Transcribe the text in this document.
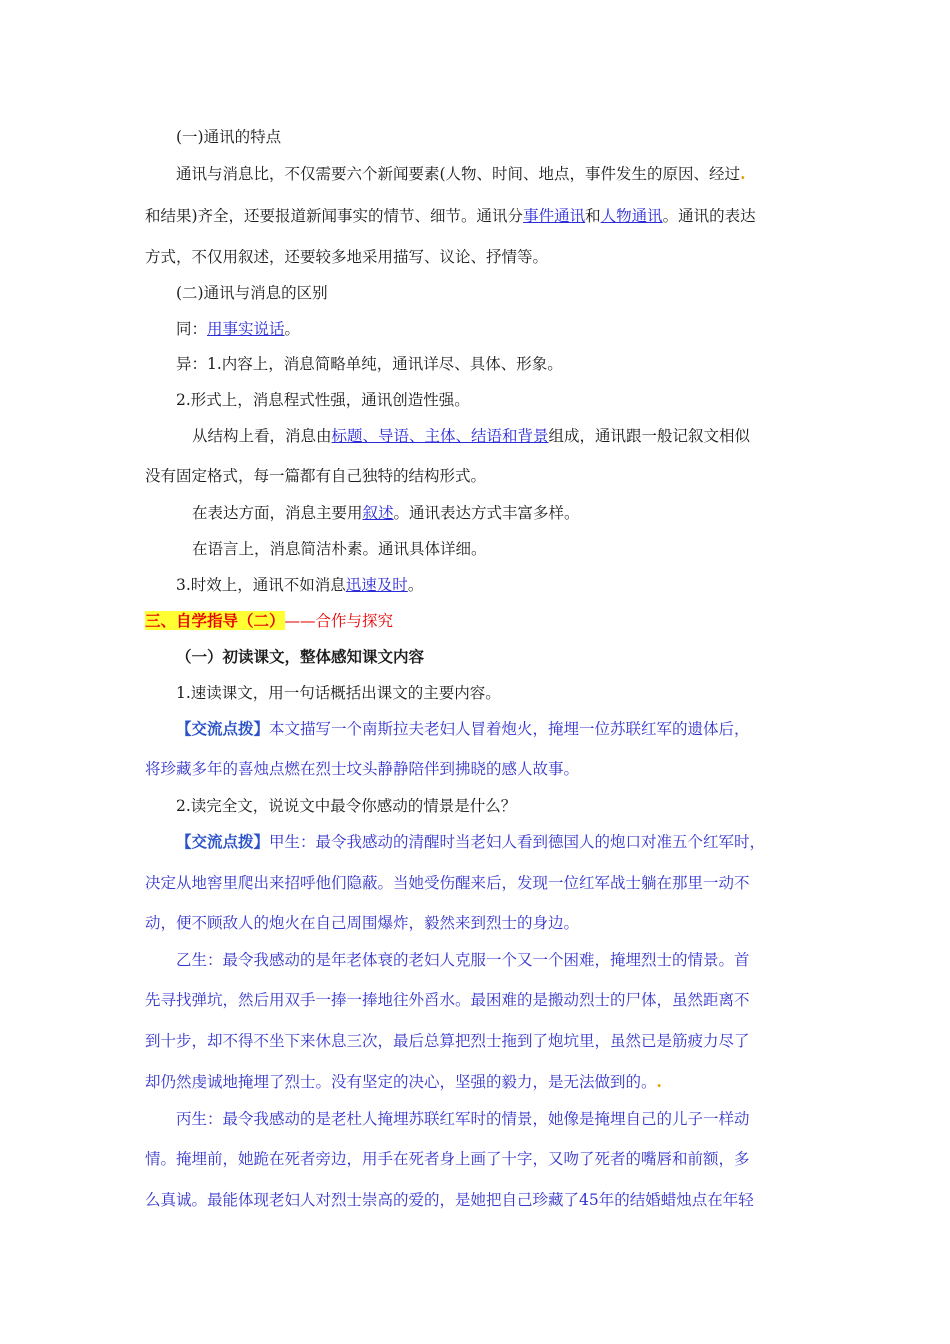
(一)通讯的特点
通讯与消息比，不仅需要六个新闻要素(人物、时间、地点，事件发生的原因、经过.
和结果)齐全，还要报道新闻事实的情节、细节。通讯分事件通讯和人物通讯。通讯的表达
方式，不仅用叙述，还要较多地采用描写、议论、抒情等。
(二)通讯与消息的区别
同：用事实说话。
异：1.内容上，消息简略单纯，通讯详尽、具体、形象。
2.形式上，消息程式性强，通讯创造性强。
从结构上看，消息由标题、导语、主体、结语和背景组成，通讯跟一般记叙文相似
没有固定格式，每一篇都有自己独特的结构形式。
在表达方面，消息主要用叙述。通讯表达方式丰富多样。
在语言上，消息简洁朴素。通讯具体详细。
3.时效上，通讯不如消息迅速及时。
三、自学指导（二）——合作与探究
（一）初读课文，整体感知课文内容
1.速读课文，用一句话概括出课文的主要内容。
【交流点拨】本文描写一个南斯拉夫老妇人冒着炮火，掩埋一位苏联红军的遗体后，
将珍藏多年的喜烛点燃在烈士坟头静静陪伴到拂晓的感人故事。
2.读完全文，说说文中最令你感动的情景是什么？
【交流点拨】甲生：最令我感动的清醒时当老妇人看到德国人的炮口对准五个红军时，
决定从地窖里爬出来招呼他们隐蔽。当她受伤醒来后，发现一位红军战士躺在那里一动不
动，便不顾敌人的炮火在自己周围爆炸，毅然来到烈士的身边。
乙生：最令我感动的是年老体衰的老妇人克服一个又一个困难，掩埋烈士的情景。首
先寻找弹坑，然后用双手一捧一捧地往外舀水。最困难的是搬动烈士的尸体，虽然距离不
到十步，却不得不坐下来休息三次，最后总算把烈士拖到了炮坑里，虽然已是筋疲力尽了
却仍然虔诚地掩埋了烈士。没有坚定的决心，坚强的毅力，是无法做到的。.
丙生：最令我感动的是老杜人掩埋苏联红军时的情景，她像是掩埋自己的儿子一样动
情。掩埋前，她跪在死者旁边，用手在死者身上画了十字，又吻了死者的嘴唇和前额，多
么真诚。最能体现老妇人对烈士崇高的爱的，是她把自己珍藏了45年的结婚蜡烛点在年轻
